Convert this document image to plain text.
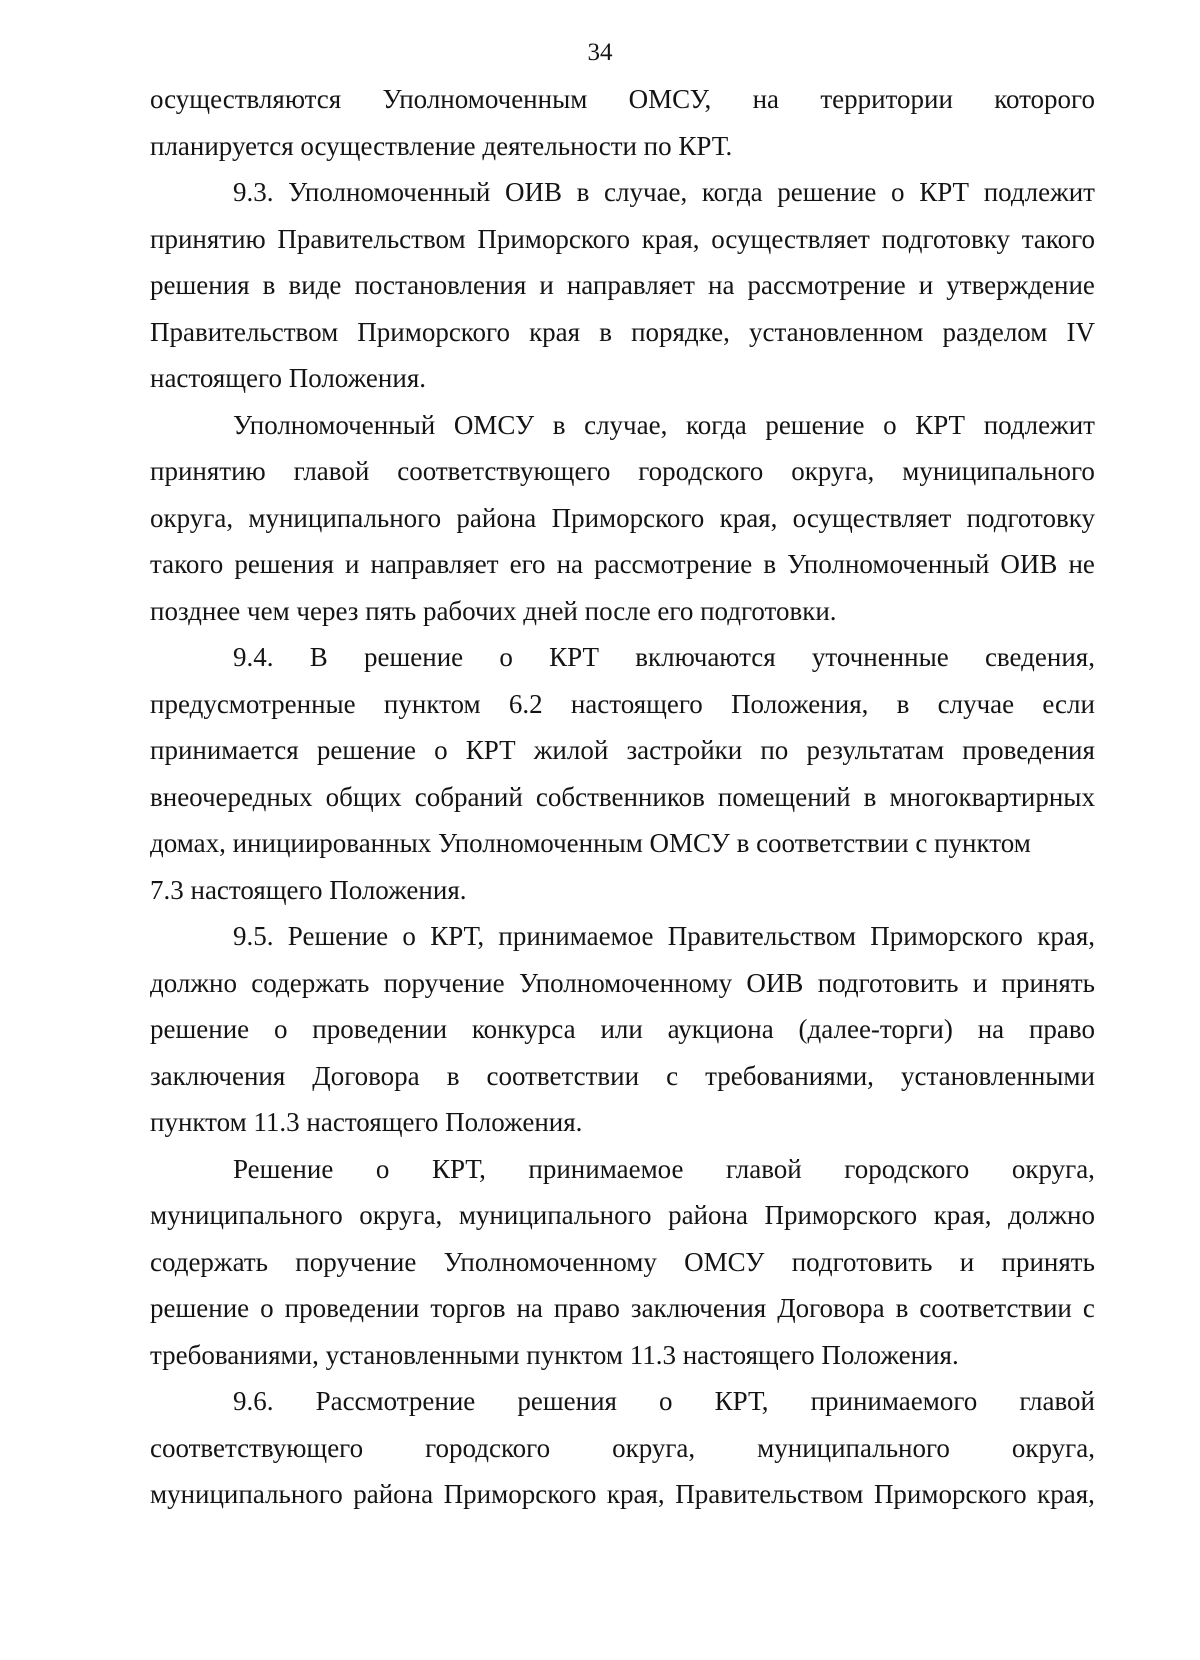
34
осуществляются Уполномоченным ОМСУ, на территории которого
планируется осуществление деятельности по КРТ.
9.3. Уполномоченный ОИВ в случае, когда решение о КРТ подлежит
принятию Правительством Приморского края, осуществляет подготовку такого
решения в виде постановления и направляет на рассмотрение и утверждение
Правительством Приморского края в порядке, установленном разделом IV
настоящего Положения.
Уполномоченный ОМСУ в случае, когда решение о КРТ подлежит
принятию главой соответствующего городского округа, муниципального
округа, муниципального района Приморского края, осуществляет подготовку
такого решения и направляет его на рассмотрение в Уполномоченный ОИВ не
позднее чем через пять рабочих дней после его подготовки.
9.4. В решение о КРТ включаются уточненные сведения,
предусмотренные пунктом 6.2 настоящего Положения, в случае если
принимается решение о КРТ жилой застройки по результатам проведения
внеочередных общих собраний собственников помещений в многоквартирных
домах, инициированных Уполномоченным ОМСУ в соответствии с пунктом
7.3 настоящего Положения.
9.5. Решение о КРТ, принимаемое Правительством Приморского края,
должно содержать поручение Уполномоченному ОИВ подготовить и принять
решение о проведении конкурса или аукциона (далее-торги) на право
заключения Договора в соответствии с требованиями, установленными
пунктом 11.3 настоящего Положения.
Решение о КРТ, принимаемое главой городского округа,
муниципального округа, муниципального района Приморского края, должно
содержать поручение Уполномоченному ОМСУ подготовить и принять
решение о проведении торгов на право заключения Договора в соответствии с
требованиями, установленными пунктом 11.3 настоящего Положения.
9.6. Рассмотрение решения о КРТ, принимаемого главой
соответствующего городского округа, муниципального округа,
муниципального района Приморского края, Правительством Приморского края,
